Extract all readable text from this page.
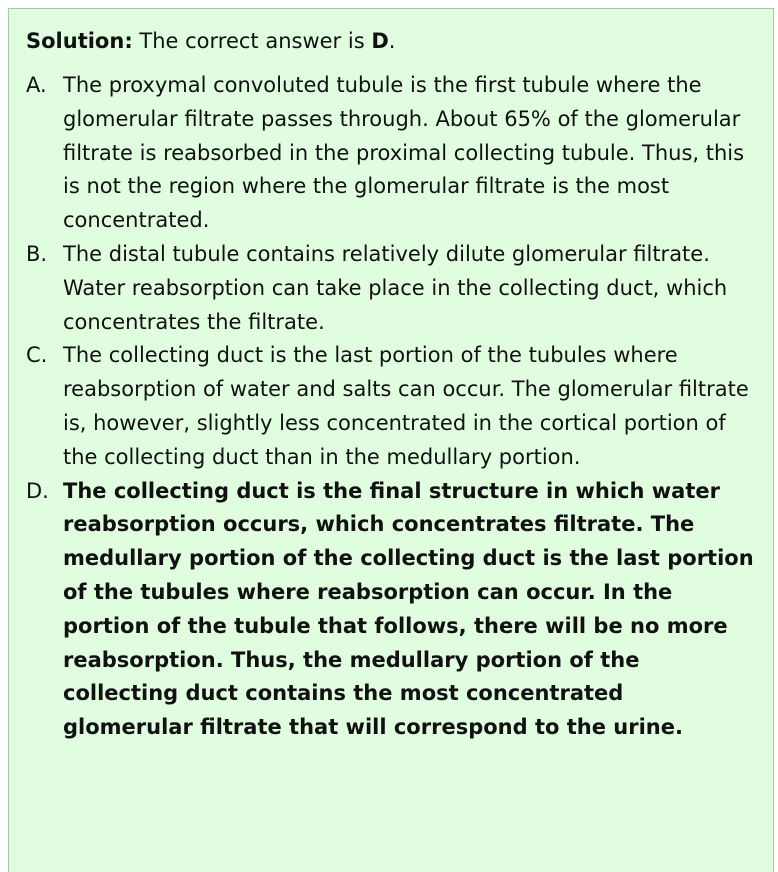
Solution: The correct answer is D.

A. The proxymal convoluted tubule is the first tubule where the glomerular filtrate passes through. About 65% of the glomerular filtrate is reabsorbed in the proximal collecting tubule. Thus, this is not the region where the glomerular filtrate is the most concentrated.
B. The distal tubule contains relatively dilute glomerular filtrate. Water reabsorption can take place in the collecting duct, which concentrates the filtrate.
C. The collecting duct is the last portion of the tubules where reabsorption of water and salts can occur. The glomerular filtrate is, however, slightly less concentrated in the cortical portion of the collecting duct than in the medullary portion.
D. The collecting duct is the final structure in which water reabsorption occurs, which concentrates filtrate. The medullary portion of the collecting duct is the last portion of the tubules where reabsorption can occur. In the portion of the tubule that follows, there will be no more reabsorption. Thus, the medullary portion of the collecting duct contains the most concentrated glomerular filtrate that will correspond to the urine.
